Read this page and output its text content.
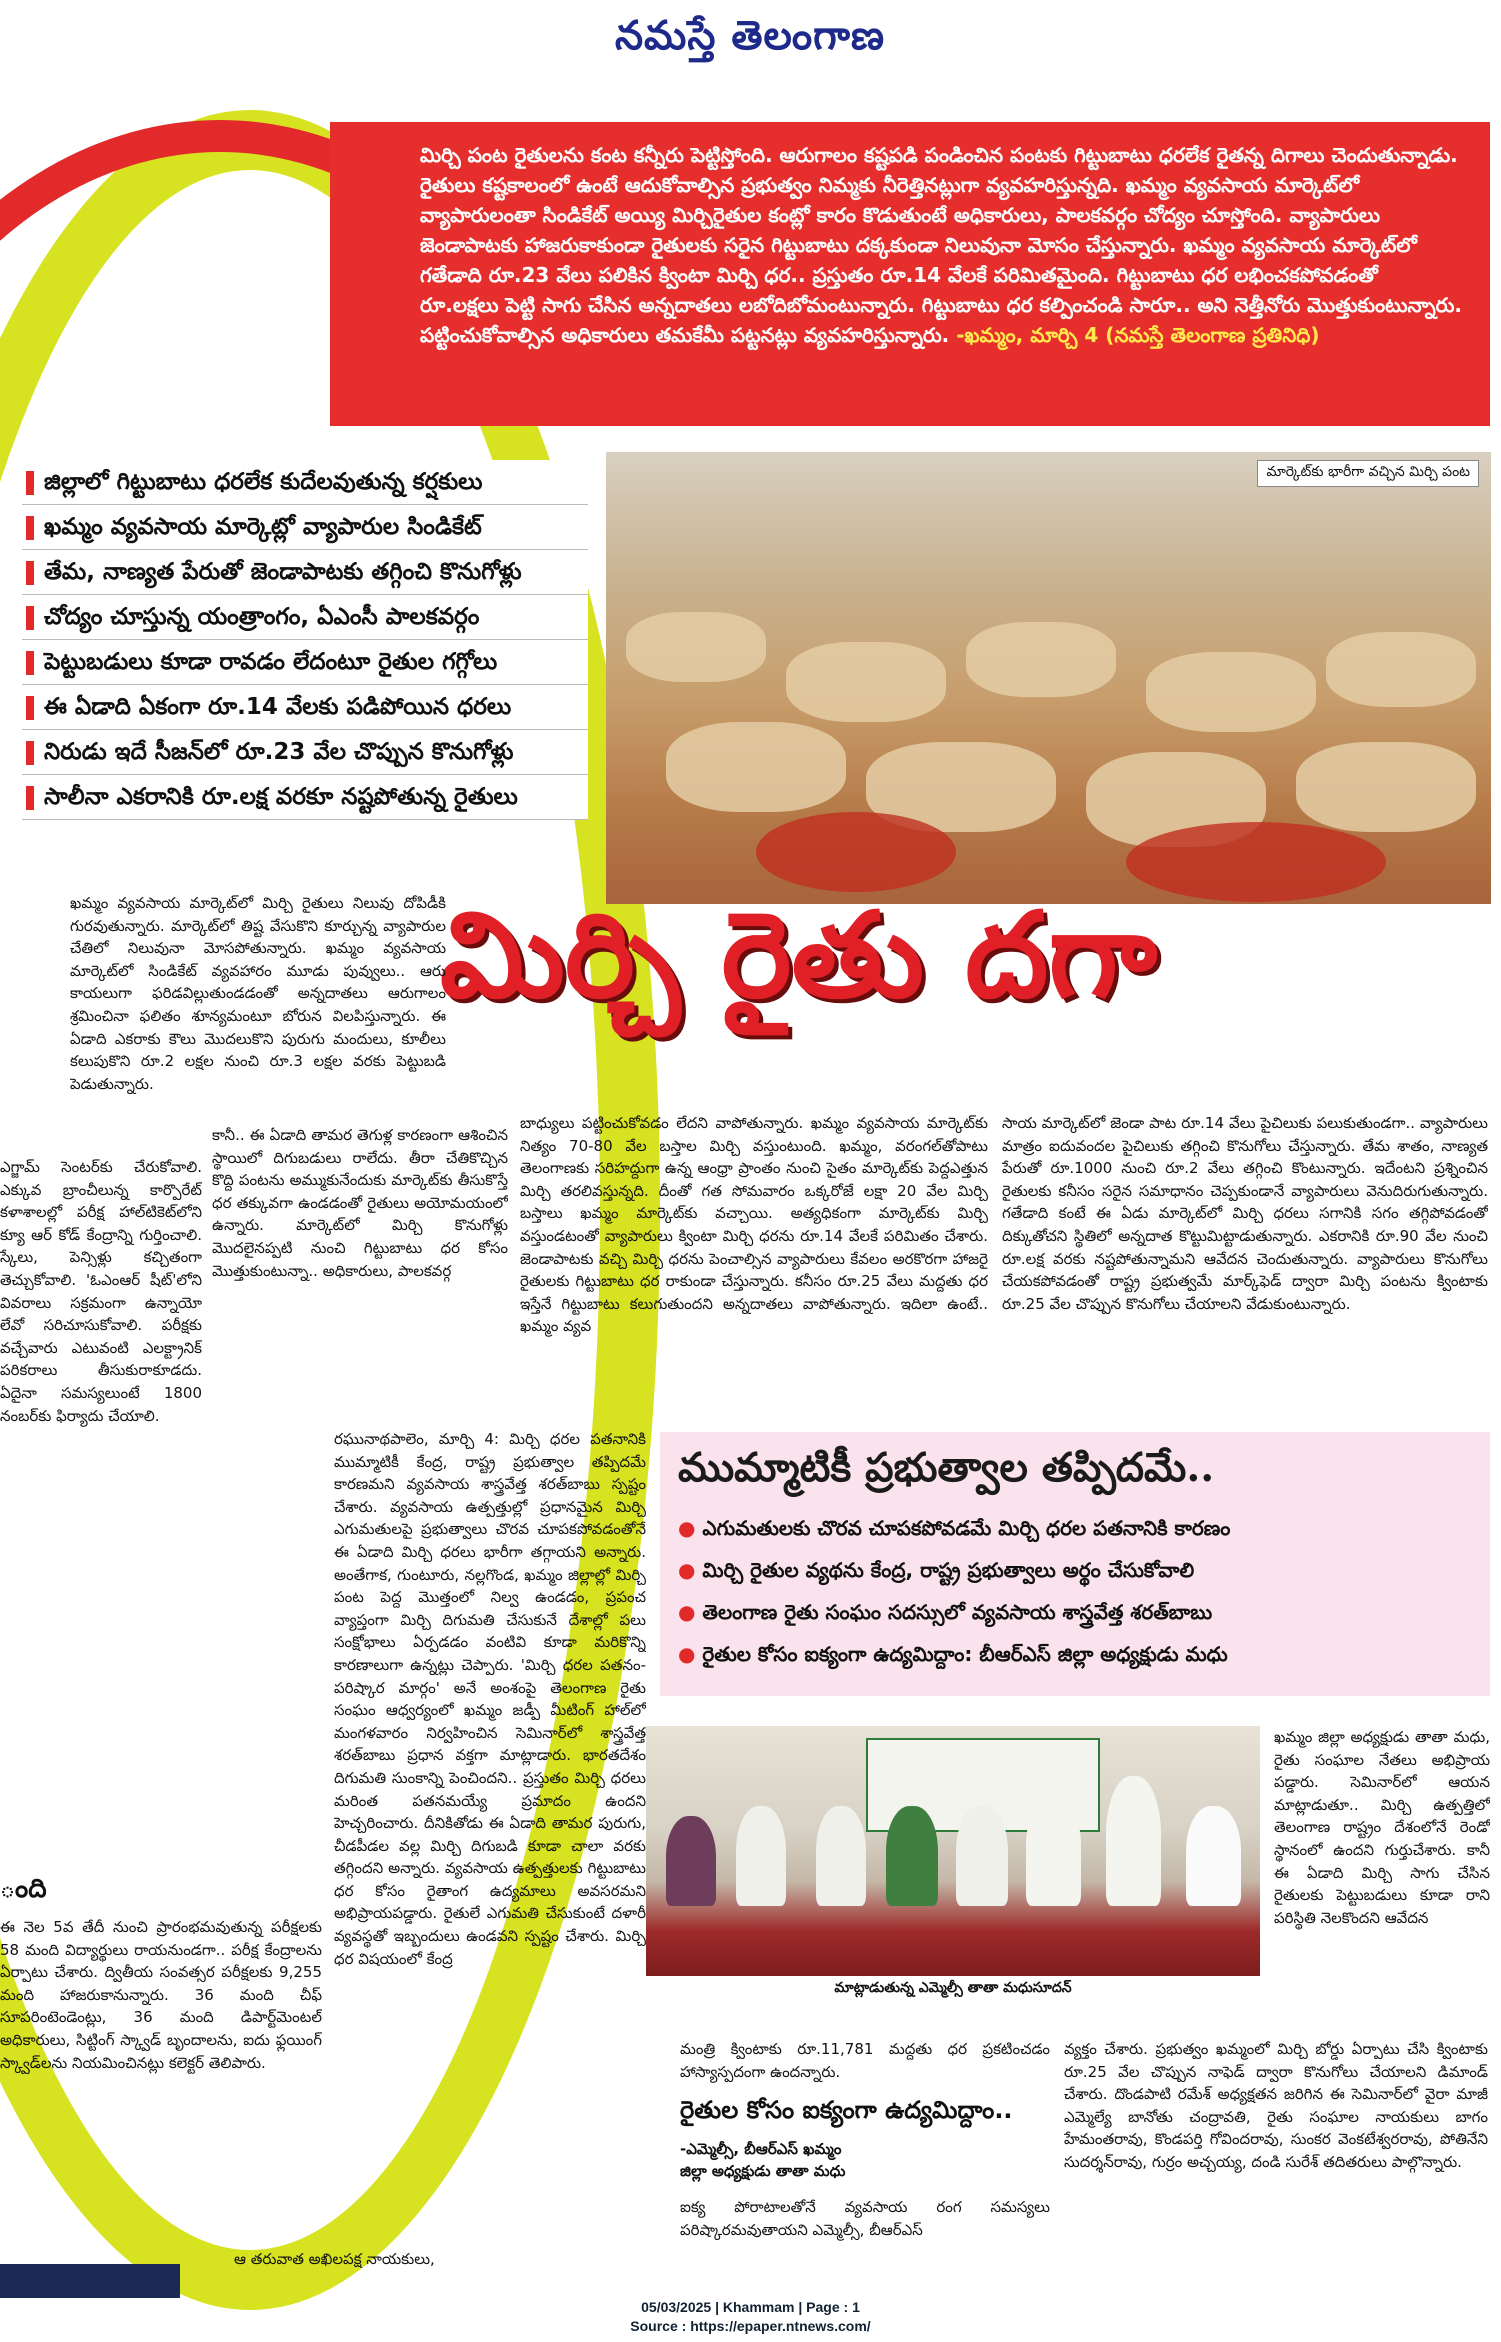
నమస్తే తెలంగాణ
మిర్చి పంట రైతులను కంట కన్నీరు పెట్టిస్తోంది. ఆరుగాలం కష్టపడి పండించిన పంటకు గిట్టుబాటు ధరలేక రైతన్న దిగాలు చెందుతున్నాడు. రైతులు కష్టకాలంలో ఉంటే ఆదుకోవాల్సిన ప్రభుత్వం నిమ్మకు నీరెత్తినట్లుగా వ్యవహరిస్తున్నది. ఖమ్మం వ్యవసాయ మార్కెట్‌లో వ్యాపారులంతా సిండికేట్ అయ్యి మిర్చిరైతుల కంట్లో కారం కొడుతుంటే అధికారులు, పాలకవర్గం చోద్యం చూస్తోంది. వ్యాపారులు జెండాపాటకు హాజరుకాకుండా రైతులకు సరైన గిట్టుబాటు దక్కకుండా నిలువునా మోసం చేస్తున్నారు. ఖమ్మం వ్యవసాయ మార్కెట్‌లో గతేడాది రూ.23 వేలు పలికిన క్వింటా మిర్చి ధర.. ప్రస్తుతం రూ.14 వేలకే పరిమితమైంది. గిట్టుబాటు ధర లభించకపోవడంతో రూ.లక్షలు పెట్టి సాగు చేసిన అన్నదాతలు లబోదిబోమంటున్నారు. గిట్టుబాటు ధర కల్పించండి సారూ.. అని నెత్తీనోరు మొత్తుకుంటున్నారు. పట్టించుకోవాల్సిన అధికారులు తమకేమీ పట్టనట్లు వ్యవహరిస్తున్నారు. -ఖమ్మం, మార్చి 4 (నమస్తే తెలంగాణ ప్రతినిధి)
జిల్లాలో గిట్టుబాటు ధరలేక కుదేలవుతున్న కర్షకులు
ఖమ్మం వ్యవసాయ మార్కెట్లో వ్యాపారుల సిండికేట్
తేమ, నాణ్యత పేరుతో జెండాపాటకు తగ్గించి కొనుగోళ్లు
చోద్యం చూస్తున్న యంత్రాంగం, ఏఎంసీ పాలకవర్గం
పెట్టుబడులు కూడా రావడం లేదంటూ రైతుల గగ్గోలు
ఈ ఏడాది ఏకంగా రూ.14 వేలకు పడిపోయిన ధరలు
నిరుడు ఇదే సీజన్‌లో రూ.23 వేల చొప్పున కొనుగోళ్లు
సాలీనా ఎకరానికి రూ.లక్ష వరకూ నష్టపోతున్న రైతులు
మార్కెట్‌కు భారీగా వచ్చిన మిర్చి పంట
మిర్చి రైతు దగా

ఖమ్మం వ్యవసాయ మార్కెట్‌లో మిర్చి రైతులు నిలువు దోపిడీకి గురవుతున్నారు. మార్కెట్‌లో తిష్ట వేసుకొని కూర్చున్న వ్యాపారుల చేతిలో నిలువునా మోసపోతున్నారు. ఖమ్మం వ్యవసాయ మార్కెట్‌లో సిండికేట్ వ్యవహారం మూడు పువ్వులు.. ఆరు కాయలుగా ఫరిడవిల్లుతుండడంతో అన్నదాతలు ఆరుగాలం శ్రమించినా ఫలితం శూన్యమంటూ బోరున విలపిస్తున్నారు. ఈ ఏడాది ఎకరాకు కౌలు మొదలుకొని పురుగు మందులు, కూలీలు కలుపుకొని రూ.2 లక్షల నుంచి రూ.3 లక్షల వరకు పెట్టుబడి పెడుతున్నారు.

కానీ.. ఈ ఏడాది తామర తెగుళ్ల కారణంగా ఆశించిన స్థాయిలో దిగుబడులు రాలేదు. తీరా చేతికొచ్చిన కొద్ది పంటను అమ్ముకునేందుకు మార్కెట్‌కు తీసుకొస్తే ధర తక్కువగా ఉండడంతో రైతులు అయోమయంలో ఉన్నారు. మార్కెట్‌లో మిర్చి కొనుగోళ్లు మొదలైనప్పటి నుంచి గిట్టుబాటు ధర కోసం మొత్తుకుంటున్నా.. అధికారులు, పాలకవర్గ

బాధ్యులు పట్టించుకోవడం లేదని వాపోతున్నారు. ఖమ్మం వ్యవసాయ మార్కెట్‌కు నిత్యం 70-80 వేల బస్తాల మిర్చి వస్తుంటుంది. ఖమ్మం, వరంగల్‌తోపాటు తెలంగాణకు సరిహద్దుగా ఉన్న ఆంధ్రా ప్రాంతం నుంచి సైతం మార్కెట్‌కు పెద్దఎత్తున మిర్చి తరలివస్తున్నది. దీంతో గత సోమవారం ఒక్కరోజే లక్షా 20 వేల మిర్చి బస్తాలు ఖమ్మం మార్కెట్‌కు వచ్చాయి. అత్యధికంగా మార్కెట్‌కు మిర్చి వస్తుండటంతో వ్యాపారులు క్వింటా మిర్చి ధరను రూ.14 వేలకే పరిమితం చేశారు. జెండాపాటకు వచ్చి మిర్చి ధరను పెంచాల్సిన వ్యాపారులు కేవలం అరకొరగా హాజరై రైతులకు గిట్టుబాటు ధర రాకుండా చేస్తున్నారు. కనీసం రూ.25 వేలు మద్దతు ధర ఇస్తేనే గిట్టుబాటు కలుగుతుందని అన్నదాతలు వాపోతున్నారు. ఇదిలా ఉంటే.. ఖమ్మం వ్యవ

సాయ మార్కెట్‌లో జెండా పాట రూ.14 వేలు పైచిలుకు పలుకుతుండగా.. వ్యాపారులు మాత్రం ఐదువందల పైచిలుకు తగ్గించి కొనుగోలు చేస్తున్నారు. తేమ శాతం, నాణ్యత పేరుతో రూ.1000 నుంచి రూ.2 వేలు తగ్గించి కొంటున్నారు. ఇదేంటని ప్రశ్నించిన రైతులకు కనీసం సరైన సమాధానం చెప్పకుండానే వ్యాపారులు వెనుదిరుగుతున్నారు. గతేడాది కంటే ఈ ఏడు మార్కెట్‌లో మిర్చి ధరలు సగానికి సగం తగ్గిపోవడంతో దిక్కుతోచని స్థితిలో అన్నదాత కొట్టుమిట్టాడుతున్నారు. ఎకరానికి రూ.90 వేల నుంచి రూ.లక్ష వరకు నష్టపోతున్నామని ఆవేదన చెందుతున్నారు. వ్యాపారులు కొనుగోలు చేయకపోవడంతో రాష్ట్ర ప్రభుత్వమే మార్క్‌ఫెడ్ ద్వారా మిర్చి పంటను క్వింటాకు రూ.25 వేల చొప్పున కొనుగోలు చేయాలని వేడుకుంటున్నారు.

ఎగ్జామ్ సెంటర్‌కు చేరుకోవాలి. ఎక్కువ బ్రాంచీలున్న కార్పొరేట్ కళాశాలల్లో పరీక్ష హాల్‌టికెట్‌లోని క్యూ ఆర్ కోడ్ కేంద్రాన్ని గుర్తించాలి. స్కేలు, పెన్సిళ్లు కచ్చితంగా తెచ్చుకోవాలి. 'ఓఎంఆర్ షీట్'లోని వివరాలు సక్రమంగా ఉన్నాయో లేవో సరిచూసుకోవాలి. పరీక్షకు వచ్చేవారు ఎటువంటి ఎలక్ట్రానిక్ పరికరాలు తీసుకురాకూడదు. ఏదైనా సమస్యలుంటే 1800 నంబర్‌కు ఫిర్యాదు చేయాలి.

ంది

ఈ నెల 5వ తేదీ నుంచి ప్రారంభమవుతున్న పరీక్షలకు 58 మంది విద్యార్థులు రాయనుండగా.. పరీక్ష కేంద్రాలను ఏర్పాటు చేశారు. ద్వితీయ సంవత్సర పరీక్షలకు 9,255 మంది హాజరుకానున్నారు. 36 మంది చీఫ్ సూపరింటెండెంట్లు, 36 మంది డిపార్ట్‌మెంటల్ అధికారులు, సిట్టింగ్ స్క్వాడ్ బృందాలను, ఐదు ఫ్లయింగ్ స్క్వాడ్‌లను నియమించినట్లు కలెక్టర్ తెలిపారు.

రఘునాథపాలెం, మార్చి 4: మిర్చి ధరల పతనానికి ముమ్మాటికీ కేంద్ర, రాష్ట్ర ప్రభుత్వాల తప్పిదమే కారణమని వ్యవసాయ శాస్త్రవేత్త శరత్‌బాబు స్పష్టం చేశారు. వ్యవసాయ ఉత్పత్తుల్లో ప్రధానమైన మిర్చి ఎగుమతులపై ప్రభుత్వాలు చొరవ చూపకపోవడంతోనే ఈ ఏడాది మిర్చి ధరలు భారీగా తగ్గాయని అన్నారు. అంతేగాక, గుంటూరు, నల్లగొండ, ఖమ్మం జిల్లాల్లో మిర్చి పంట పెద్ద మొత్తంలో నిల్వ ఉండడం, ప్రపంచ వ్యాప్తంగా మిర్చి దిగుమతి చేసుకునే దేశాల్లో పలు సంక్షోభాలు ఏర్పడడం వంటివి కూడా మరికొన్ని కారణాలుగా ఉన్నట్లు చెప్పారు. 'మిర్చి ధరల పతనం-పరిష్కార మార్గం' అనే అంశంపై తెలంగాణ రైతు సంఘం ఆధ్వర్యంలో ఖమ్మం జడ్పీ మీటింగ్ హాల్‌లో మంగళవారం నిర్వహించిన సెమినార్‌లో శాస్త్రవేత్త శరత్‌బాబు ప్రధాన వక్తగా మాట్లాడారు. భారతదేశం దిగుమతి సుంకాన్ని పెంచిందని.. ప్రస్తుతం మిర్చి ధరలు మరింత పతనమయ్యే ప్రమాదం ఉందని హెచ్చరించారు. దీనికితోడు ఈ ఏడాది తామర పురుగు, చీడపీడల వల్ల మిర్చి దిగుబడి కూడా చాలా వరకు తగ్గిందని అన్నారు. వ్యవసాయ ఉత్పత్తులకు గిట్టుబాటు ధర కోసం రైతాంగ ఉద్యమాలు అవసరమని అభిప్రాయపడ్డారు. రైతులే ఎగుమతి చేసుకుంటే దళారీ వ్యవస్థతో ఇబ్బందులు ఉండవని స్పష్టం చేశారు. మిర్చి ధర విషయంలో కేంద్ర

ముమ్మాటికీ ప్రభుత్వాల తప్పిదమే..
● ఎగుమతులకు చొరవ చూపకపోవడమే మిర్చి ధరల పతనానికి కారణం
● మిర్చి రైతుల వ్యథను కేంద్ర, రాష్ట్ర ప్రభుత్వాలు అర్థం చేసుకోవాలి
● తెలంగాణ రైతు సంఘం సదస్సులో వ్యవసాయ శాస్త్రవేత్త శరత్‌బాబు
● రైతుల కోసం ఐక్యంగా ఉద్యమిద్దాం: బీఆర్‌ఎస్ జిల్లా అధ్యక్షుడు మధు
మాట్లాడుతున్న ఎమ్మెల్సీ తాతా మధుసూదన్

ఖమ్మం జిల్లా అధ్యక్షుడు తాతా మధు, రైతు సంఘాల నేతలు అభిప్రాయ పడ్డారు. సెమినార్‌లో ఆయన మాట్లాడుతూ.. మిర్చి ఉత్పత్తిలో తెలంగాణ రాష్ట్రం దేశంలోనే రెండో స్థానంలో ఉందని గుర్తుచేశారు. కానీ ఈ ఏడాది మిర్చి సాగు చేసిన రైతులకు పెట్టుబడులు కూడా రాని పరిస్థితి నెలకొందని ఆవేదన

మంత్రి క్వింటాకు రూ.11,781 మద్దతు ధర ప్రకటించడం హాస్యాస్పదంగా ఉందన్నారు.

వ్యక్తం చేశారు. ప్రభుత్వం ఖమ్మంలో మిర్చి బోర్డు ఏర్పాటు చేసి క్వింటాకు రూ.25 వేల చొప్పున నాఫెడ్ ద్వారా కొనుగోలు చేయాలని డిమాండ్ చేశారు. దొండపాటి రమేశ్ అధ్యక్షతన జరిగిన ఈ సెమినార్‌లో వైరా మాజీ ఎమ్మెల్యే బానోతు చంద్రావతి, రైతు సంఘాల నాయకులు బాగం హేమంతరావు, కొండపర్తి గోవిందరావు, సుంకర వెంకటేశ్వరరావు, పోతినేని సుదర్శన్‌రావు, గుర్రం అచ్చయ్య, దండి సురేశ్ తదితరులు పాల్గొన్నారు.

రైతుల కోసం ఐక్యంగా ఉద్యమిద్దాం..
-ఎమ్మెల్సీ, బీఆర్‌ఎస్ ఖమ్మం
జిల్లా అధ్యక్షుడు తాతా మధు

ఐక్య పోరాటాలతోనే వ్యవసాయ రంగ సమస్యలు పరిష్కారమవుతాయని ఎమ్మెల్సీ, బీఆర్‌ఎస్

ఆ తరువాత అఖిలపక్ష నాయకులు,

05/03/2025 | Khammam | Page : 1
Source : https://epaper.ntnews.com/
